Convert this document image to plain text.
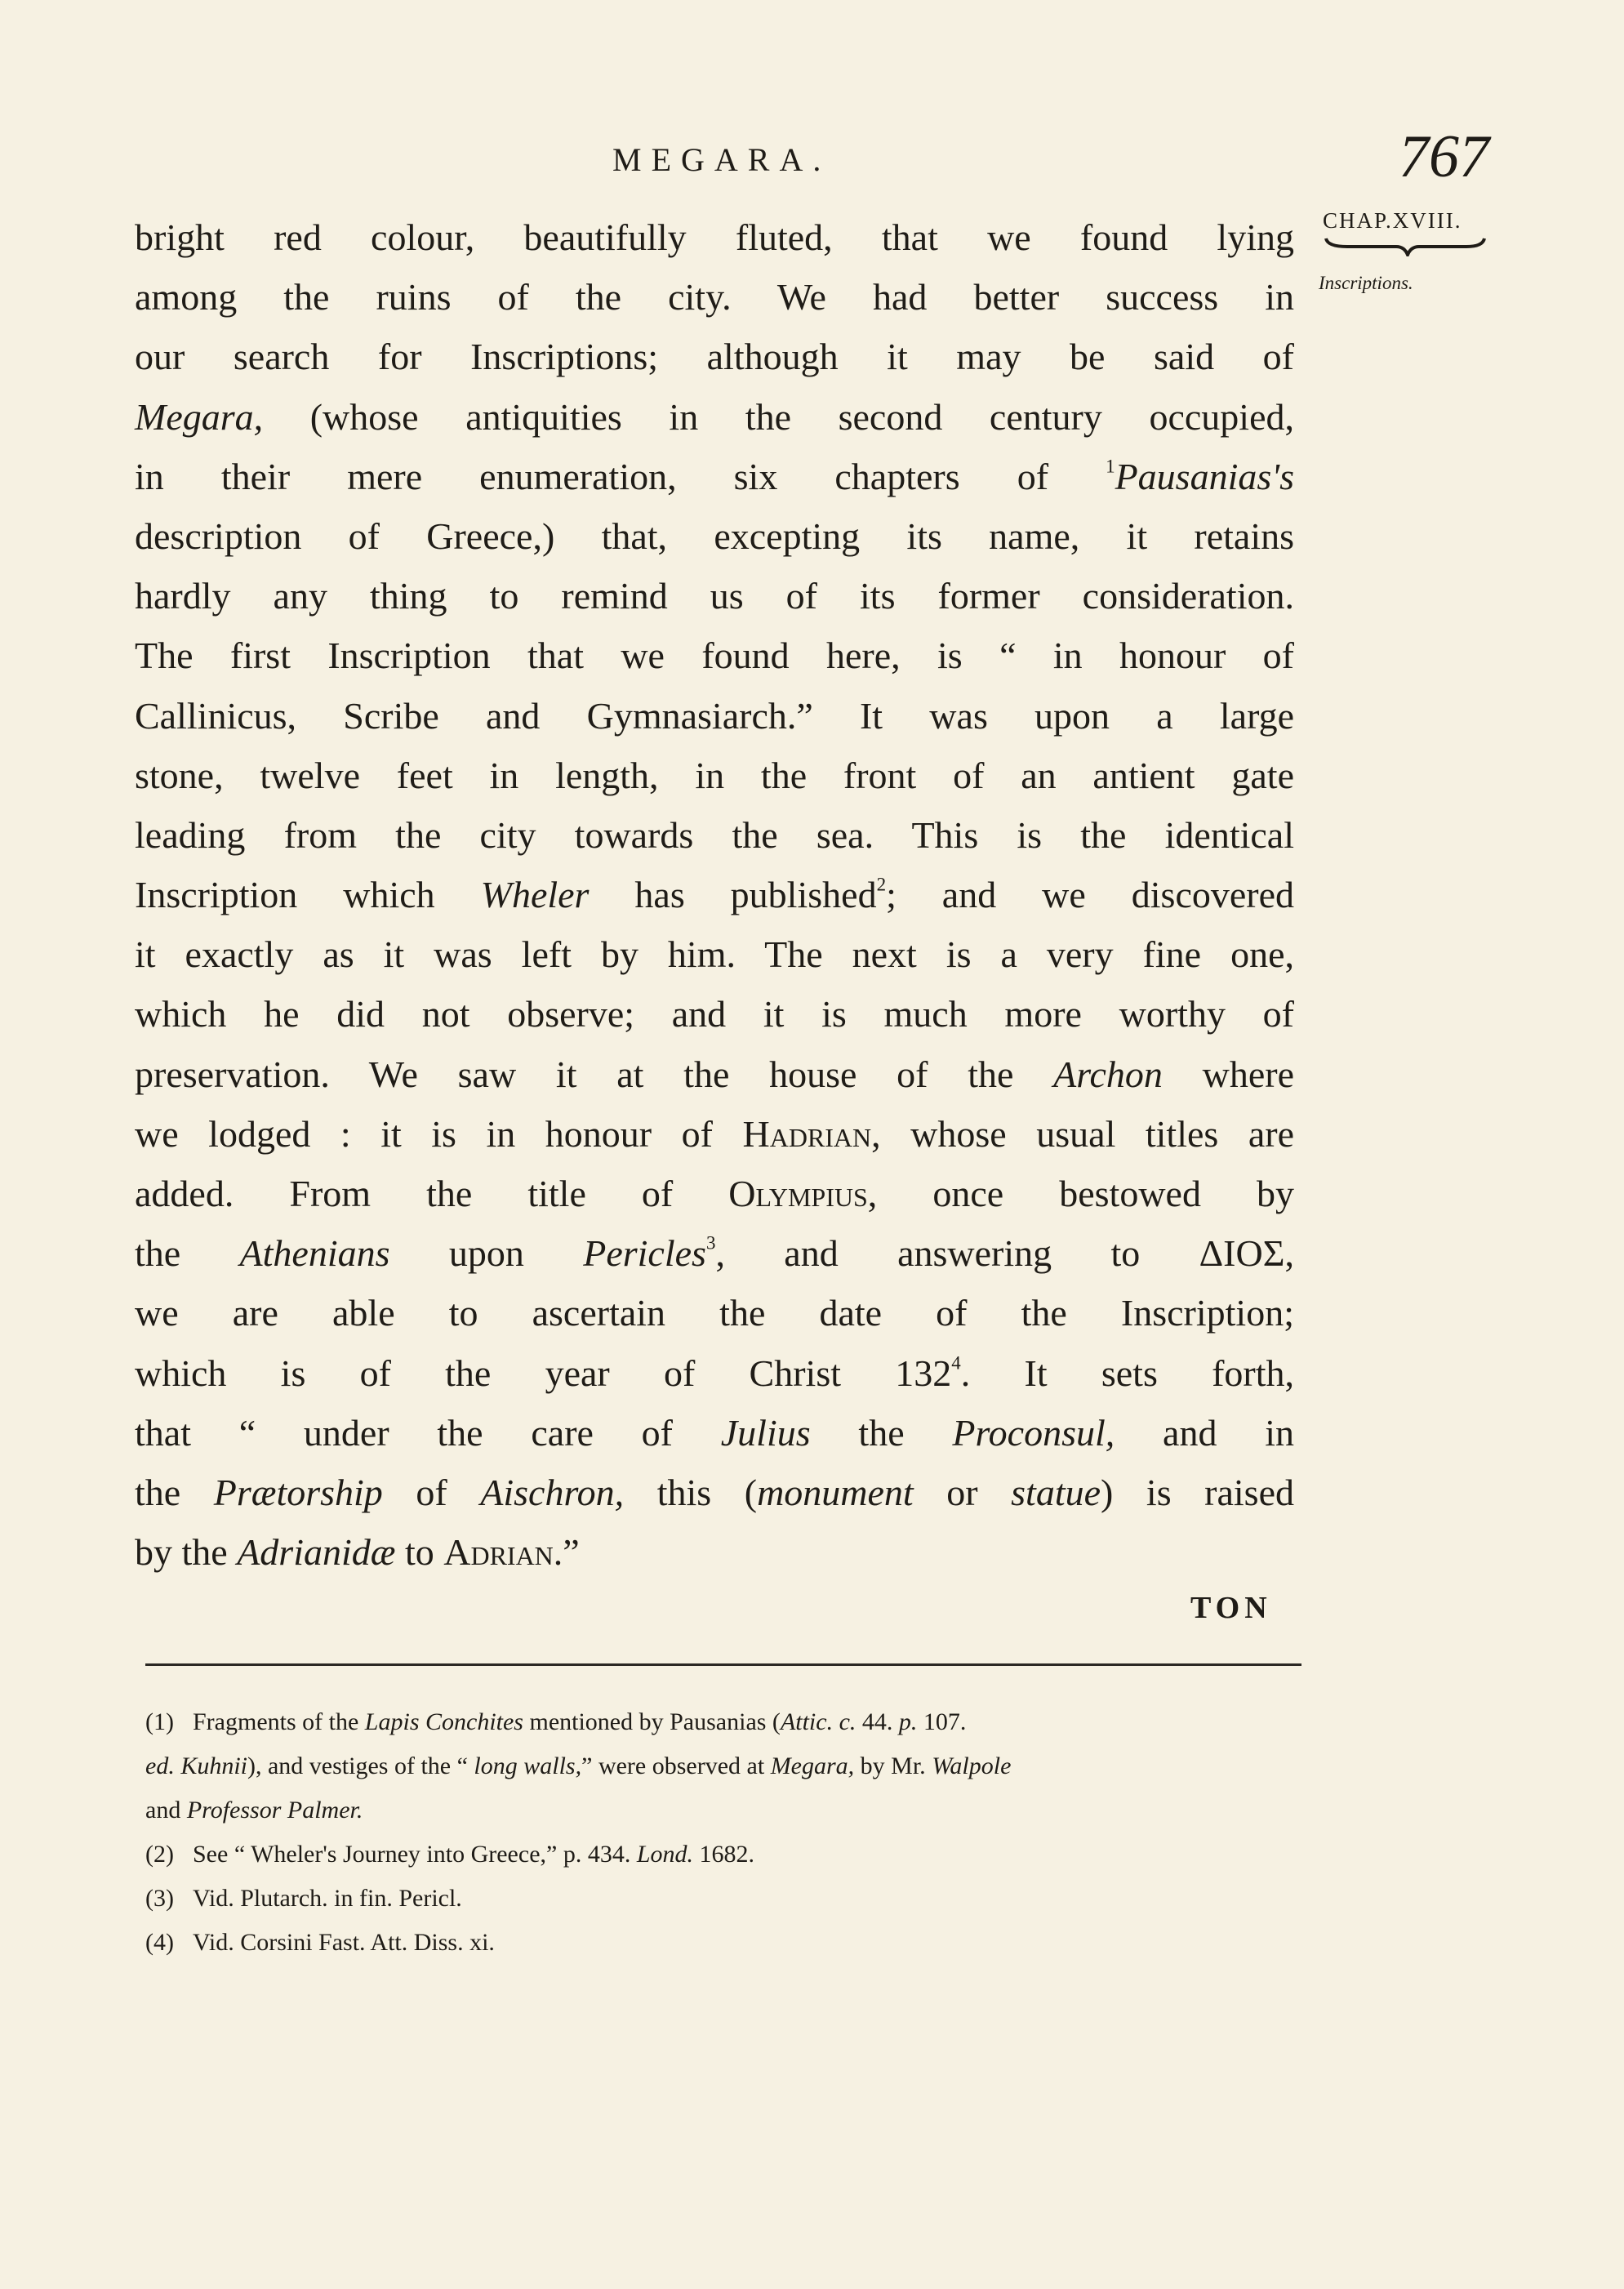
MEGARA.	767
CHAP.XVIII.
Inscriptions.
bright red colour, beautifully fluted, that we found lying
among the ruins of the city. We had better success in
our search for Inscriptions; although it may be said of
Megara, (whose antiquities in the second century occupied,
in their mere enumeration, six chapters of $^1$Pausanias's
description of Greece,) that, excepting its name, it retains
hardly any thing to remind us of its former consideration.
The first Inscription that we found here, is “ in honour of
Callinicus, Scribe and Gymnasiarch.” It was upon a large
stone, twelve feet in length, in the front of an antient gate
leading from the city towards the sea. This is the identical
Inscription which Wheler has published$^2$; and we discovered
it exactly as it was left by him. The next is a very fine one,
which he did not observe; and it is much more worthy of
preservation. We saw it at the house of the Archon where
we lodged : it is in honour of Hadrian, whose usual titles are
added. From the title of Olympius, once bestowed by
the Athenians upon Pericles$^3$, and answering to ΔΙΟΣ,
we are able to ascertain the date of the Inscription;
which is of the year of Christ $132^4$. It sets forth,
that “ under the care of Julius the Proconsul, and in
the Prætorship of Aischron, this (monument or statue) is raised
by the Adrianidæ to Adrian.”
TON
(1) Fragments of the Lapis Conchites mentioned by Pausanias (Attic. c. 44. p. 107.
ed. Kuhnii), and vestiges of the “ long walls,” were observed at Megara, by Mr. Walpole
and Professor Palmer.
(2) See “ Wheler's Journey into Greece,” p. 434. Lond. 1682.
(3) Vid. Plutarch. in fin. Pericl.
(4) Vid. Corsini Fast. Att. Diss. xi.
